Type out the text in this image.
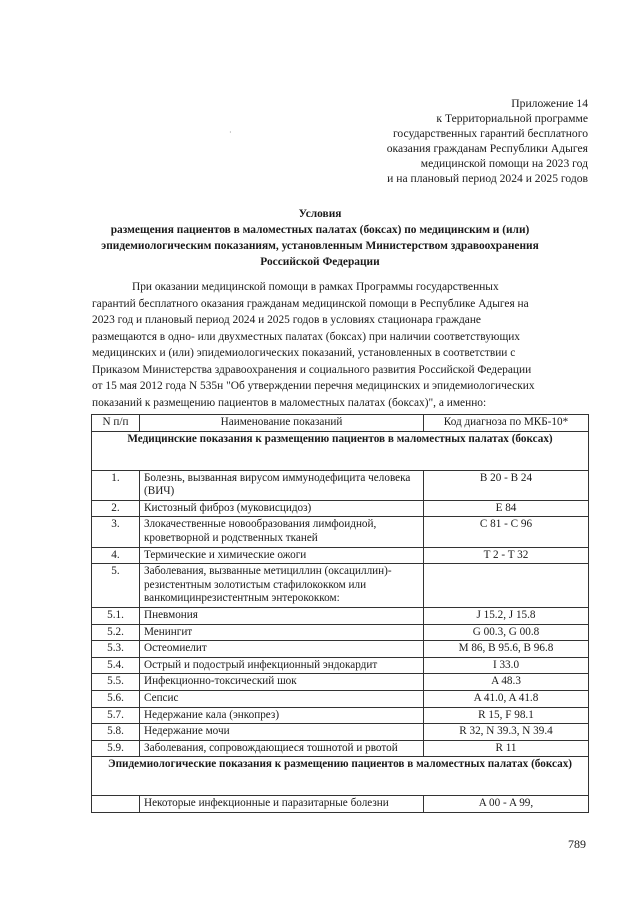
Приложение 14
к Территориальной программе
государственных гарантий бесплатного
оказания гражданам Республики Адыгея
медицинской помощи на 2023 год
и на плановый период 2024 и 2025 годов
·
Условия
размещения пациентов в маломестных палатах (боксах) по медицинским и (или)
эпидемиологическим показаниям, установленным Министерством здравоохранения
Российской Федерации
При оказании медицинской помощи в рамках Программы государственных
гарантий бесплатного оказания гражданам медицинской помощи в Республике Адыгея на
2023 год и плановый период 2024 и 2025 годов в условиях стационара граждане
размещаются в одно- или двухместных палатах (боксах) при наличии соответствующих
медицинских и (или) эпидемиологических показаний, установленных в соответствии с
Приказом Министерства здравоохранения и социального развития Российской Федерации
от 15 мая 2012 года N 535н "Об утверждении перечня медицинских и эпидемиологических
показаний к размещению пациентов в маломестных палатах (боксах)", а именно:
N п/п	Наименование показаний	Код диагноза по МКБ-10*
Медицинские показания к размещению пациентов в маломестных палатах (боксах)		
1.	Болезнь, вызванная вирусом иммунодефицита человека (ВИЧ)	B 20 - B 24
2.	Кистозный фиброз (муковисцидоз)	E 84
3.	Злокачественные новообразования лимфоидной, кроветворной и родственных тканей	C 81 - C 96
4.	Термические и химические ожоги	T 2 - T 32
5.	Заболевания, вызванные метициллин (оксациллин)-резистентным золотистым стафилококком или ванкомицинрезистентным энтерококком:	
5.1.	Пневмония	J 15.2, J 15.8
5.2.	Менингит	G 00.3, G 00.8
5.3.	Остеомиелит	M 86, B 95.6, B 96.8
5.4.	Острый и подострый инфекционный эндокардит	I 33.0
5.5.	Инфекционно-токсический шок	A 48.3
5.6.	Сепсис	A 41.0, A 41.8
5.7.	Недержание кала (энкопрез)	R 15, F 98.1
5.8.	Недержание мочи	R 32, N 39.3, N 39.4
5.9.	Заболевания, сопровождающиеся тошнотой и рвотой	R 11
Эпидемиологические показания к размещению пациентов в маломестных палатах (боксах)		
	Некоторые инфекционные и паразитарные болезни	A 00 - A 99,
789
